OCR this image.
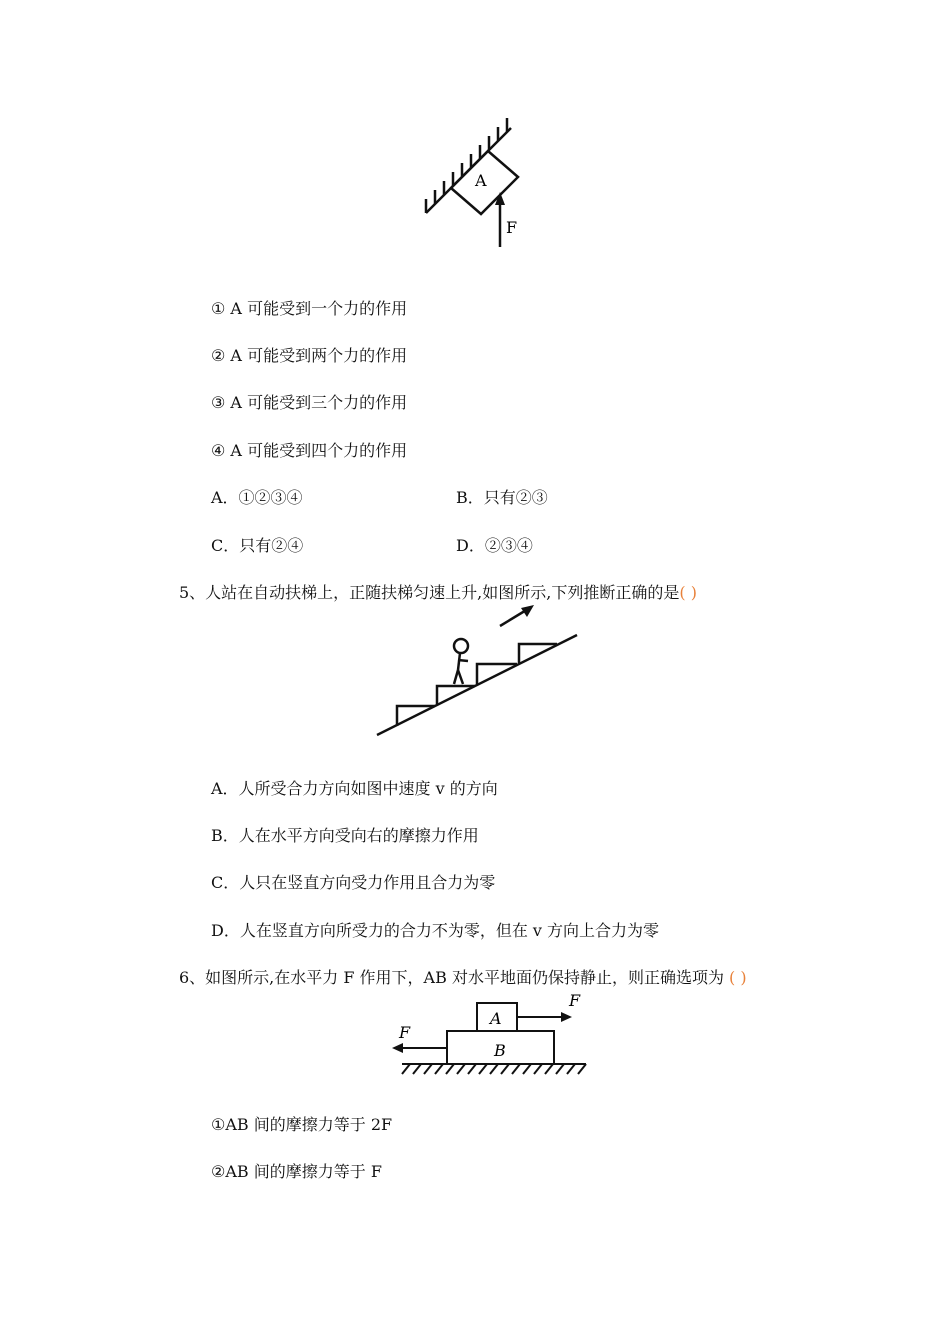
A
F
① A 可能受到一个力的作用
② A 可能受到两个力的作用
③ A 可能受到三个力的作用
④ A 可能受到四个力的作用
A．①②③④	B．只有②③
C．只有②④	D．②③④
5、人站在自动扶梯上，正随扶梯匀速上升,如图所示,下列推断正确的是( )
A．人所受合力方向如图中速度 v 的方向
B．人在水平方向受向右的摩擦力作用
C．人只在竖直方向受力作用且合力为零
D．人在竖直方向所受力的合力不为零，但在 v 方向上合力为零
6、如图所示,在水平力 F 作用下，AB 对水平地面仍保持静止，则正确选项为 ( )
A
B
F
F
①AB 间的摩擦力等于 2F
②AB 间的摩擦力等于 F
